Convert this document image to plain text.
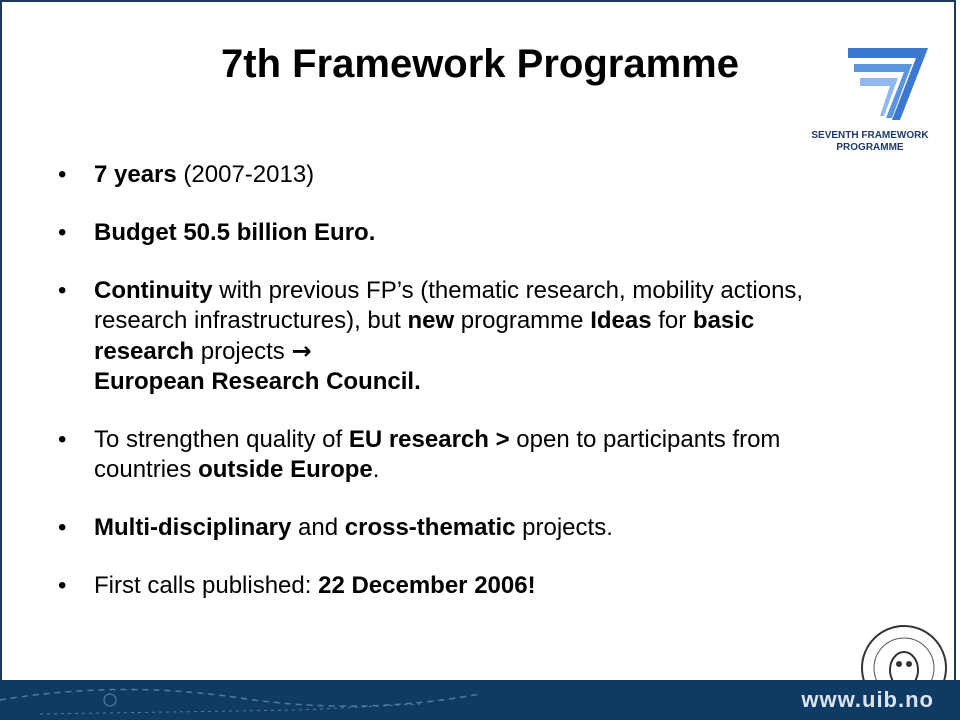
7th Framework Programme
SEVENTH FRAMEWORK
PROGRAMME
• 7 years (2007-2013)
• Budget 50.5 billion Euro.
• Continuity with previous FP’s (thematic research, mobility actions, research infrastructures), but new programme Ideas for basic research projects →
European Research Council.
• To strengthen quality of EU research > open to participants from countries outside Europe.
• Multi-disciplinary and cross-thematic projects.
• First calls published: 22 December 2006!
www.uib.no
